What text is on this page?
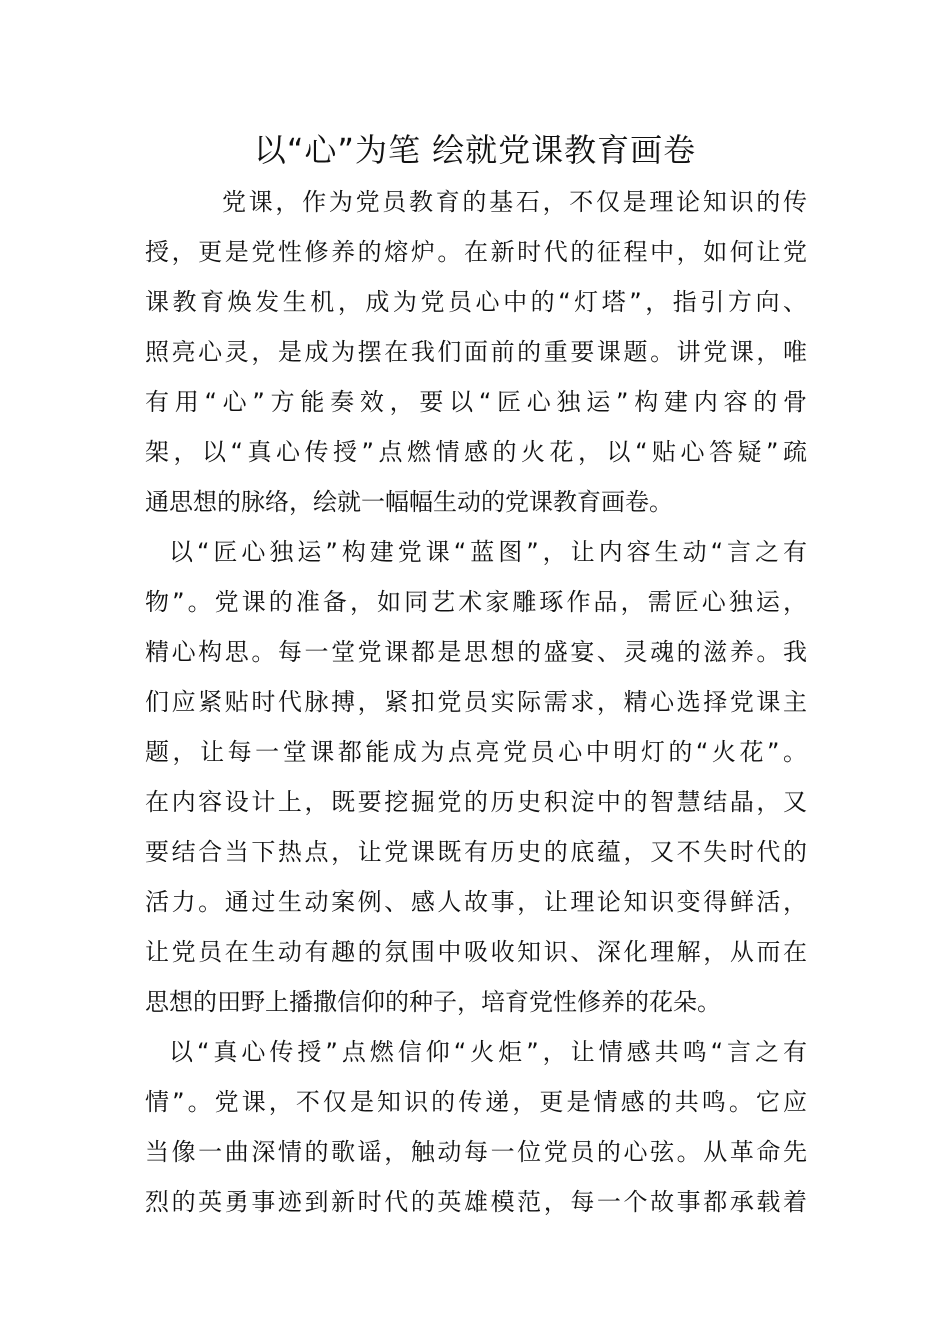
以“心”为笔 绘就党课教育画卷
党课，作为党员教育的基石，不仅是理论知识的传
授，更是党性修养的熔炉。在新时代的征程中，如何让党
课教育焕发生机，成为党员心中的“灯塔”，指引方向、
照亮心灵，是成为摆在我们面前的重要课题。讲党课，唯
有用“心”方能奏效，要以“匠心独运”构建内容的骨
架，以“真心传授”点燃情感的火花，以“贴心答疑”疏
通思想的脉络，绘就一幅幅生动的党课教育画卷。
以“匠心独运”构建党课“蓝图”，让内容生动“言之有
物”。党课的准备，如同艺术家雕琢作品，需匠心独运，
精心构思。每一堂党课都是思想的盛宴、灵魂的滋养。我
们应紧贴时代脉搏，紧扣党员实际需求，精心选择党课主
题，让每一堂课都能成为点亮党员心中明灯的“火花”。
在内容设计上，既要挖掘党的历史积淀中的智慧结晶，又
要结合当下热点，让党课既有历史的底蕴，又不失时代的
活力。通过生动案例、感人故事，让理论知识变得鲜活，
让党员在生动有趣的氛围中吸收知识、深化理解，从而在
思想的田野上播撒信仰的种子，培育党性修养的花朵。
以“真心传授”点燃信仰“火炬”，让情感共鸣“言之有
情”。党课，不仅是知识的传递，更是情感的共鸣。它应
当像一曲深情的歌谣，触动每一位党员的心弦。从革命先
烈的英勇事迹到新时代的英雄模范，每一个故事都承载着
